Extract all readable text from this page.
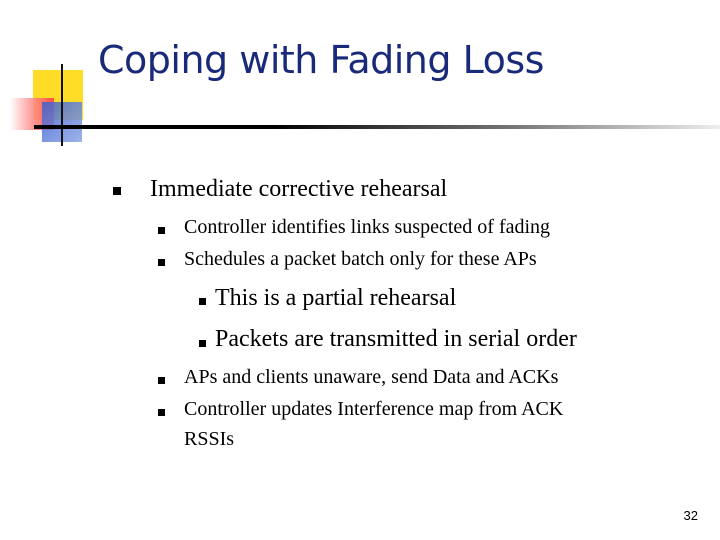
Coping with Fading Loss
Immediate corrective rehearsal
Controller identifies links suspected of fading
Schedules a packet batch only for these APs
This is a partial rehearsal
Packets are transmitted in serial order
APs and clients unaware, send Data and ACKs
Controller updates Interference map from ACK
RSSIs
32
